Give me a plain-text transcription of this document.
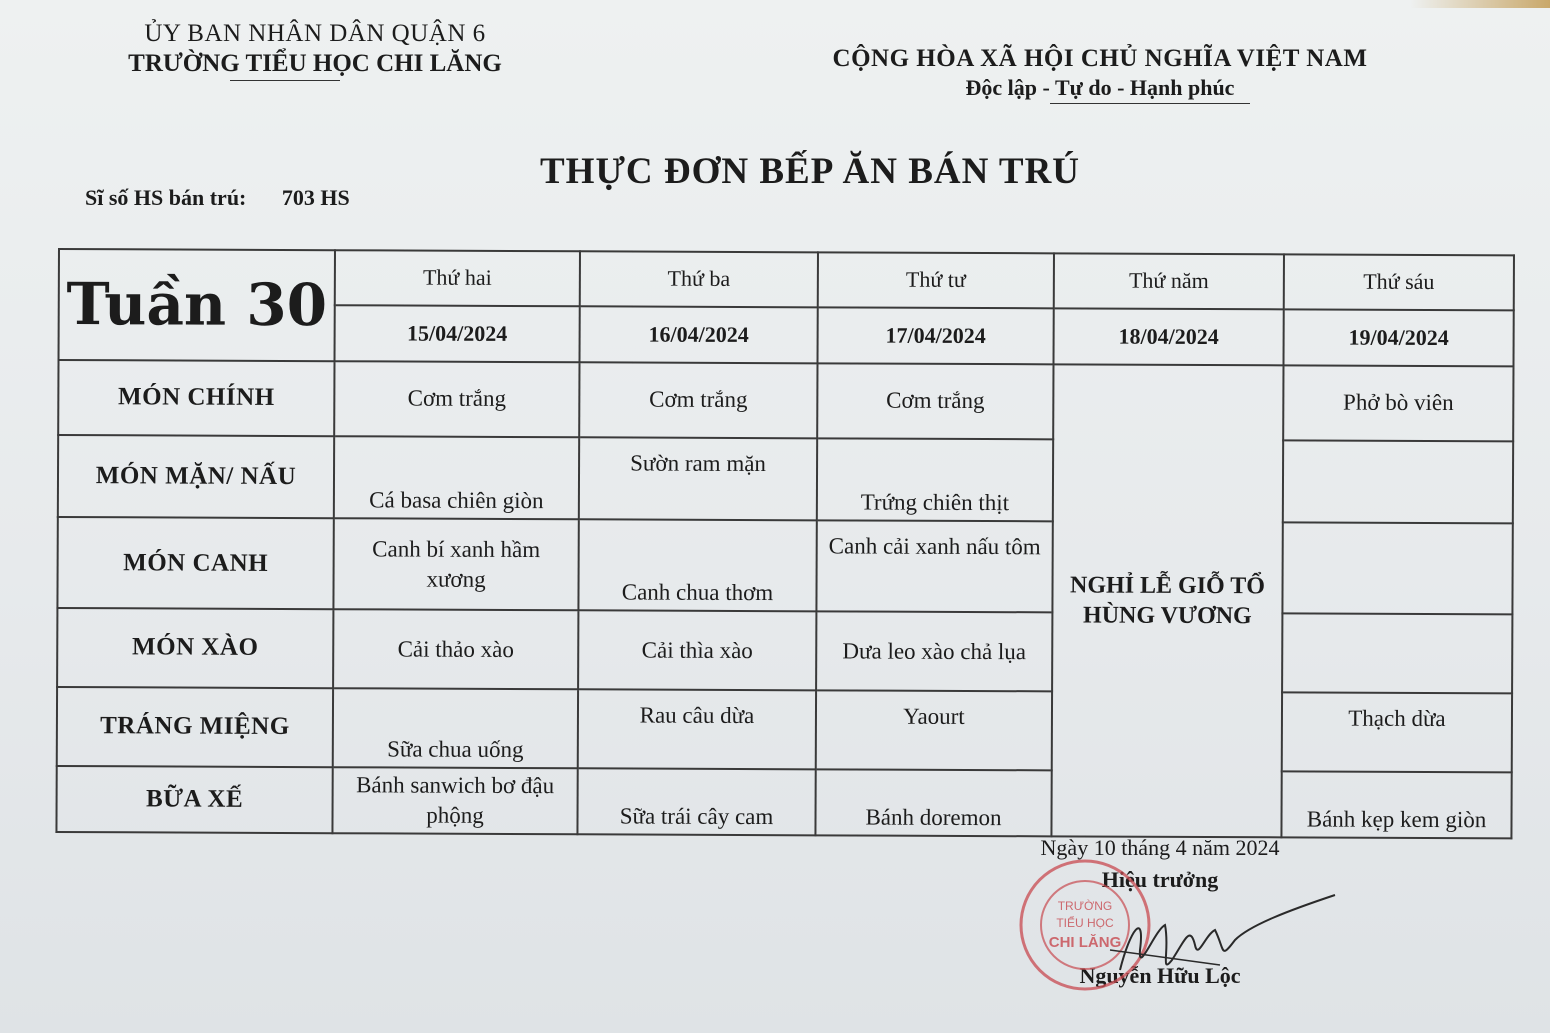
ỦY BAN NHÂN DÂN QUẬN 6
TRƯỜNG TIỂU HỌC CHI LĂNG	CỘNG HÒA XÃ HỘI CHỦ NGHĨA VIỆT NAM
Độc lập - Tự do - Hạnh phúc
THỰC ĐƠN BẾP ĂN BÁN TRÚ
Sĩ số HS bán trú: 703 HS
Tuần 30	Thứ hai	Thứ ba	Thứ tư	Thứ năm	Thứ sáu
	15/04/2024	16/04/2024	17/04/2024	18/04/2024	19/04/2024
MÓN CHÍNH	Cơm trắng	Cơm trắng	Cơm trắng	NGHỈ LỄ GIỖ TỔ HÙNG VƯƠNG	Phở bò viên
MÓN MẶN/ NẤU	Cá basa chiên giòn	Sườn ram mặn	Trứng chiên thịt		
MÓN CANH	Canh bí xanh hầm xương	Canh chua thơm	Canh cải xanh nấu tôm		
MÓN XÀO	Cải thảo xào	Cải thìa xào	Dưa leo xào chả lụa		
TRÁNG MIỆNG	Sữa chua uống	Rau câu dừa	Yaourt		Thạch dừa
BỮA XẾ	Bánh sanwich bơ đậu phộng	Sữa trái cây cam	Bánh doremon		Bánh kẹp kem giòn
Ngày 10 tháng 4 năm 2024
Hiệu trưởng
Nguyễn Hữu Lộc
TRƯỜNG
TIỂU HỌC
CHI LĂNG
